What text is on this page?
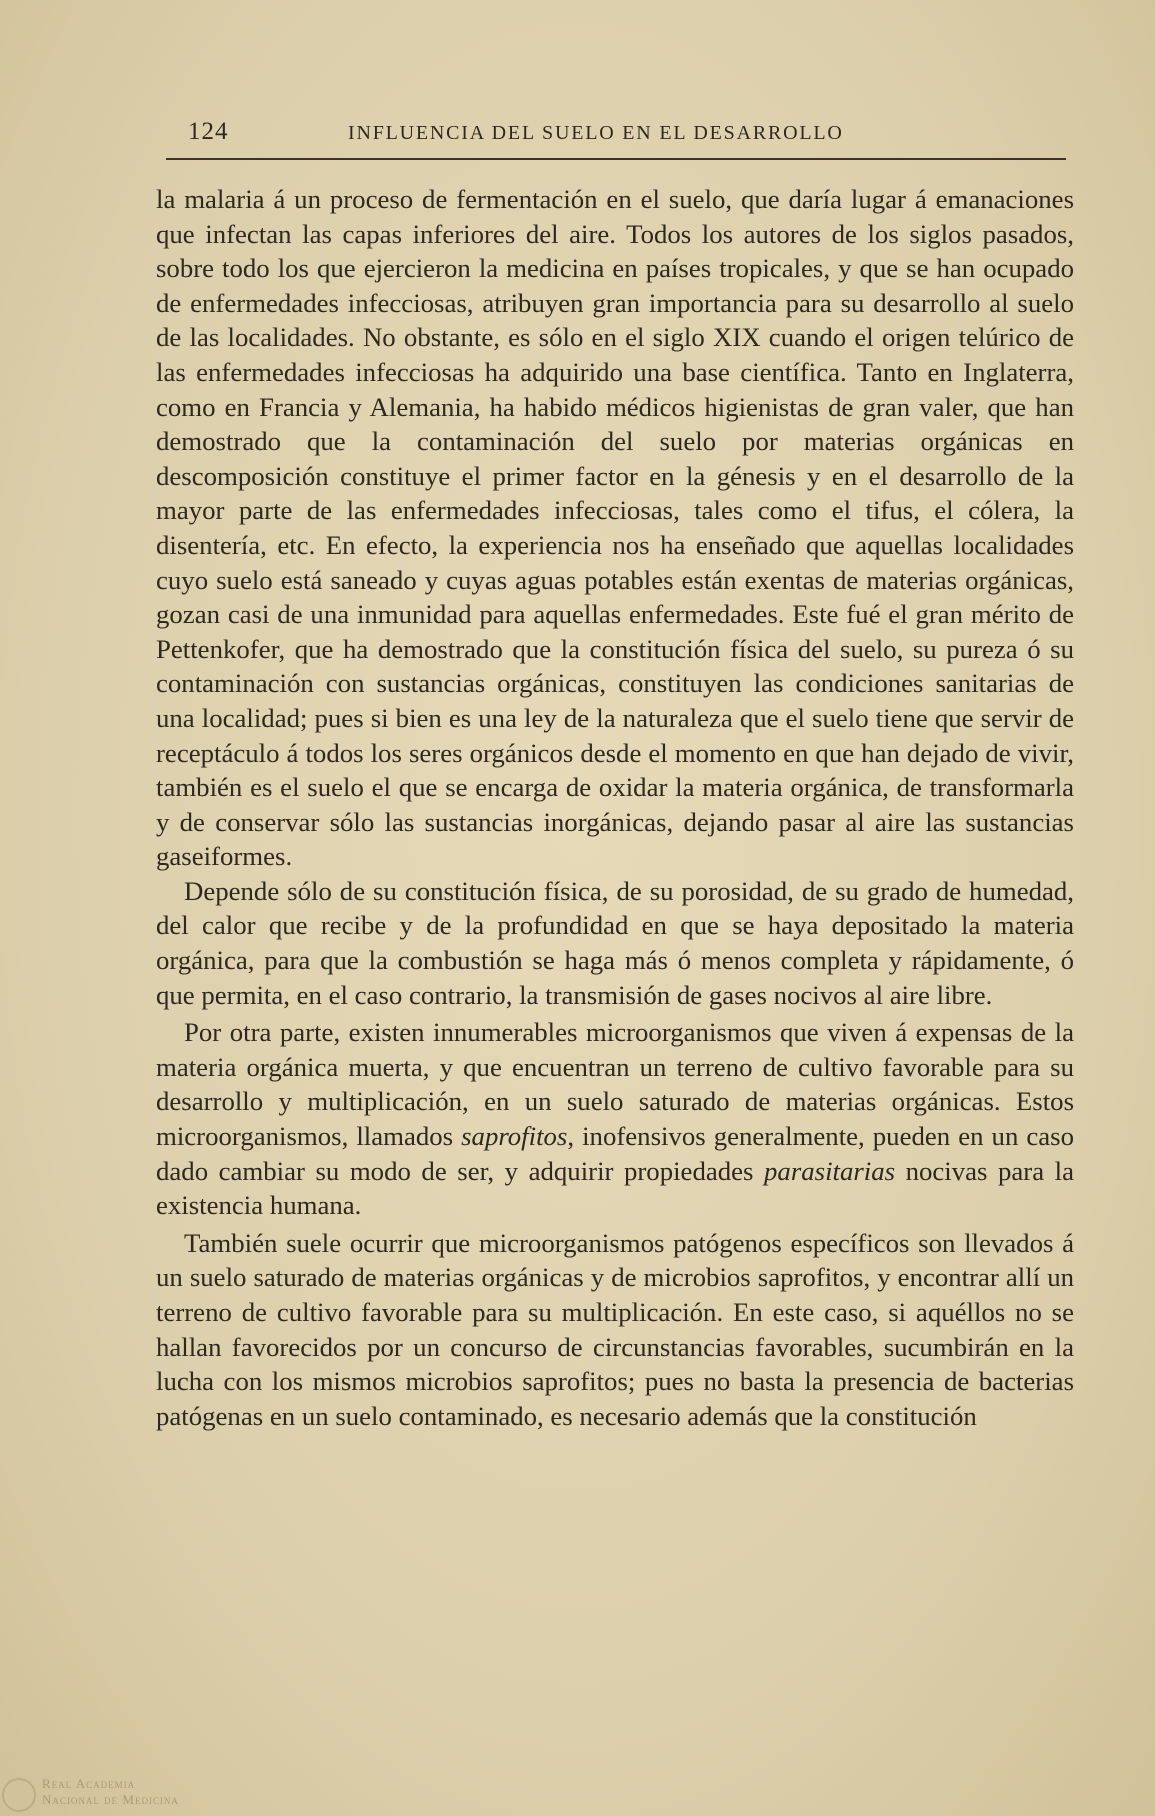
124	INFLUENCIA DEL SUELO EN EL DESARROLLO

la malaria á un proceso de fermentación en el suelo, que daría lugar á emanaciones que infectan las capas inferiores del aire. Todos los autores de los siglos pasados, sobre todo los que ejercieron la medicina en países tropicales, y que se han ocupado de enfermedades infecciosas, atribuyen gran importancia para su desarrollo al suelo de las localidades. No obstante, es sólo en el siglo XIX cuando el origen telúrico de las enfermedades infecciosas ha adquirido una base científica. Tanto en Inglaterra, como en Francia y Alemania, ha habido médicos higienistas de gran valer, que han demostrado que la contaminación del suelo por materias orgánicas en descomposición constituye el primer factor en la génesis y en el desarrollo de la mayor parte de las enfermedades infecciosas, tales como el tifus, el cólera, la disentería, etc. En efecto, la experiencia nos ha enseñado que aquellas localidades cuyo suelo está saneado y cuyas aguas potables están exentas de materias orgánicas, gozan casi de una inmunidad para aquellas enfermedades. Este fué el gran mérito de Pettenkofer, que ha demostrado que la constitución física del suelo, su pureza ó su contaminación con sustancias orgánicas, constituyen las condiciones sanitarias de una localidad; pues si bien es una ley de la naturaleza que el suelo tiene que servir de receptáculo á todos los seres orgánicos desde el momento en que han dejado de vivir, también es el suelo el que se encarga de oxidar la materia orgánica, de transformarla y de conservar sólo las sustancias inorgánicas, dejando pasar al aire las sustancias gaseiformes.

Depende sólo de su constitución física, de su porosidad, de su grado de humedad, del calor que recibe y de la profundidad en que se haya depositado la materia orgánica, para que la combustión se haga más ó menos completa y rápidamente, ó que permita, en el caso contrario, la transmisión de gases nocivos al aire libre.

Por otra parte, existen innumerables microorganismos que viven á expensas de la materia orgánica muerta, y que encuentran un terreno de cultivo favorable para su desarrollo y multiplicación, en un suelo saturado de materias orgánicas. Estos microorganismos, llamados saprofitos, inofensivos generalmente, pueden en un caso dado cambiar su modo de ser, y adquirir propiedades parasitarias nocivas para la existencia humana.

También suele ocurrir que microorganismos patógenos específicos son llevados á un suelo saturado de materias orgánicas y de microbios saprofitos, y encontrar allí un terreno de cultivo favorable para su multiplicación. En este caso, si aquéllos no se hallan favorecidos por un concurso de circunstancias favorables, sucumbirán en la lucha con los mismos microbios saprofitos; pues no basta la presencia de bacterias patógenas en un suelo contaminado, es necesario además que la constitución

Real Academia
Nacional de Medicina
